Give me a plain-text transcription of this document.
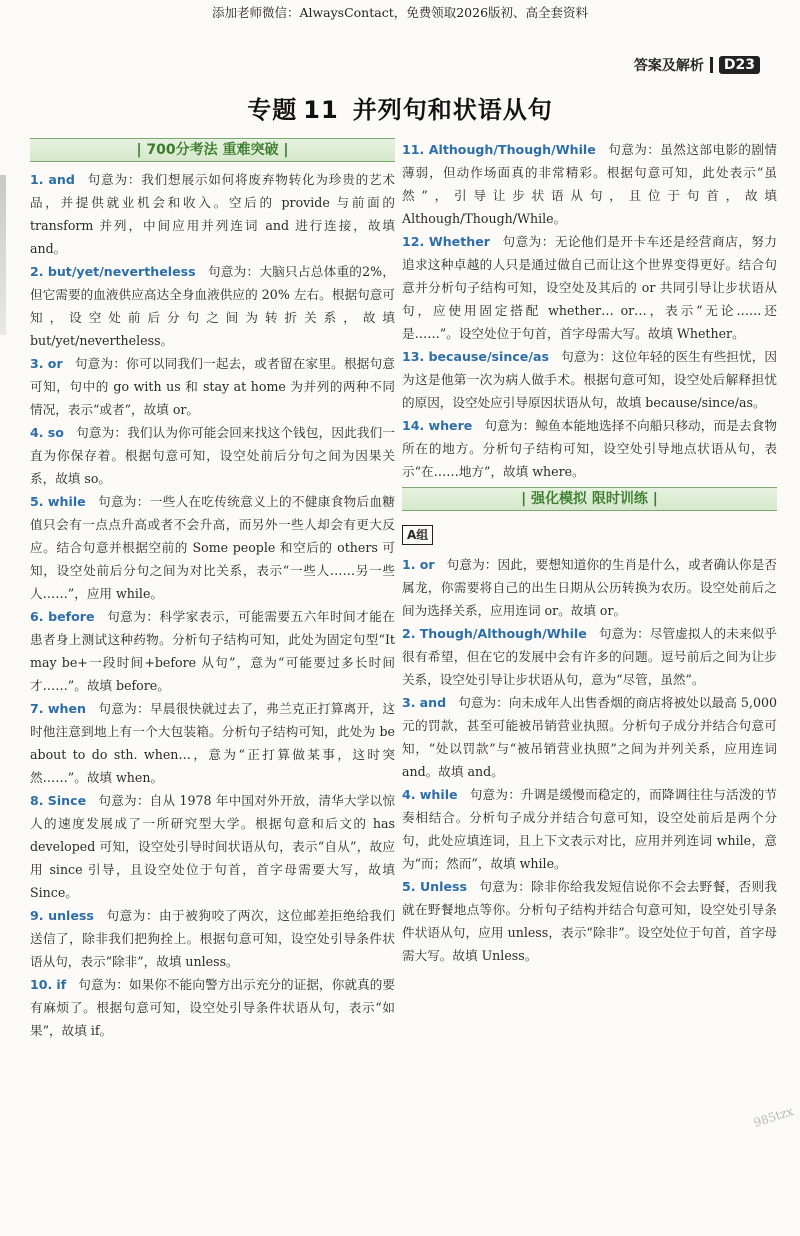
添加老师微信：AlwaysContact，免费领取2026版初、高全套资料
答案及解析	D23
专题 11 并列句和状语从句
| 700分考法 重难突破 |
1. and 句意为：我们想展示如何将废弃物转化为珍贵的艺术品，并提供就业机会和收入。空后的 provide 与前面的 transform 并列，中间应用并列连词 and 进行连接，故填 and。
2. but/yet/nevertheless 句意为：大脑只占总体重的2%，但它需要的血液供应高达全身血液供应的 20% 左右。根据句意可知，设空处前后分句之间为转折关系，故填 but/yet/nevertheless。
3. or 句意为：你可以同我们一起去，或者留在家里。根据句意可知，句中的 go with us 和 stay at home 为并列的两种不同情况，表示“或者”，故填 or。
4. so 句意为：我们认为你可能会回来找这个钱包，因此我们一直为你保存着。根据句意可知，设空处前后分句之间为因果关系，故填 so。
5. while 句意为：一些人在吃传统意义上的不健康食物后血糖值只会有一点点升高或者不会升高，而另外一些人却会有更大反应。结合句意并根据空前的 Some people 和空后的 others 可知，设空处前后分句之间为对比关系，表示“一些人……另一些人……”，应用 while。
6. before 句意为：科学家表示，可能需要五六年时间才能在患者身上测试这种药物。分析句子结构可知，此处为固定句型“It may be+一段时间+before 从句”，意为“可能要过多长时间才……”。故填 before。
7. when 句意为：早晨很快就过去了，弗兰克正打算离开，这时他注意到地上有一个大包装箱。分析句子结构可知，此处为 be about to do sth. when…，意为“正打算做某事，这时突然……”。故填 when。
8. Since 句意为：自从 1978 年中国对外开放，清华大学以惊人的速度发展成了一所研究型大学。根据句意和后文的 has developed 可知，设空处引导时间状语从句，表示“自从”，故应用 since 引导，且设空处位于句首，首字母需要大写，故填 Since。
9. unless 句意为：由于被狗咬了两次，这位邮差拒绝给我们送信了，除非我们把狗拴上。根据句意可知，设空处引导条件状语从句，表示“除非”，故填 unless。
10. if 句意为：如果你不能向警方出示充分的证据，你就真的要有麻烦了。根据句意可知，设空处引导条件状语从句，表示“如果”，故填 if。
11. Although/Though/While 句意为：虽然这部电影的剧情薄弱，但动作场面真的非常精彩。根据句意可知，此处表示“虽然”，引导让步状语从句，且位于句首，故填 Although/Though/While。
12. Whether 句意为：无论他们是开卡车还是经营商店，努力追求这种卓越的人只是通过做自己而让这个世界变得更好。结合句意并分析句子结构可知，设空处及其后的 or 共同引导让步状语从句，应使用固定搭配 whether… or…，表示“无论……还是……”。设空处位于句首，首字母需大写。故填 Whether。
13. because/since/as 句意为：这位年轻的医生有些担忧，因为这是他第一次为病人做手术。根据句意可知，设空处后解释担忧的原因，设空处应引导原因状语从句，故填 because/since/as。
14. where 句意为：鲸鱼本能地选择不向船只移动，而是去食物所在的地方。分析句子结构可知，设空处引导地点状语从句，表示“在……地方”，故填 where。
| 强化模拟 限时训练 |
A组
1. or 句意为：因此，要想知道你的生肖是什么，或者确认你是否属龙，你需要将自己的出生日期从公历转换为农历。设空处前后之间为选择关系，应用连词 or。故填 or。
2. Though/Although/While 句意为：尽管虚拟人的未来似乎很有希望，但在它的发展中会有许多的问题。逗号前后之间为让步关系，设空处引导让步状语从句，意为“尽管，虽然”。
3. and 句意为：向未成年人出售香烟的商店将被处以最高 5,000 元的罚款，甚至可能被吊销营业执照。分析句子成分并结合句意可知，“处以罚款”与“被吊销营业执照”之间为并列关系，应用连词 and。故填 and。
4. while 句意为：升调是缓慢而稳定的，而降调往往与活泼的节奏相结合。分析句子成分并结合句意可知，设空处前后是两个分句，此处应填连词，且上下文表示对比，应用并列连词 while，意为“而；然而”，故填 while。
5. Unless 句意为：除非你给我发短信说你不会去野餐，否则我就在野餐地点等你。分析句子结构并结合句意可知，设空处引导条件状语从句，应用 unless，表示“除非”。设空处位于句首，首字母需大写。故填 Unless。
985tzx
